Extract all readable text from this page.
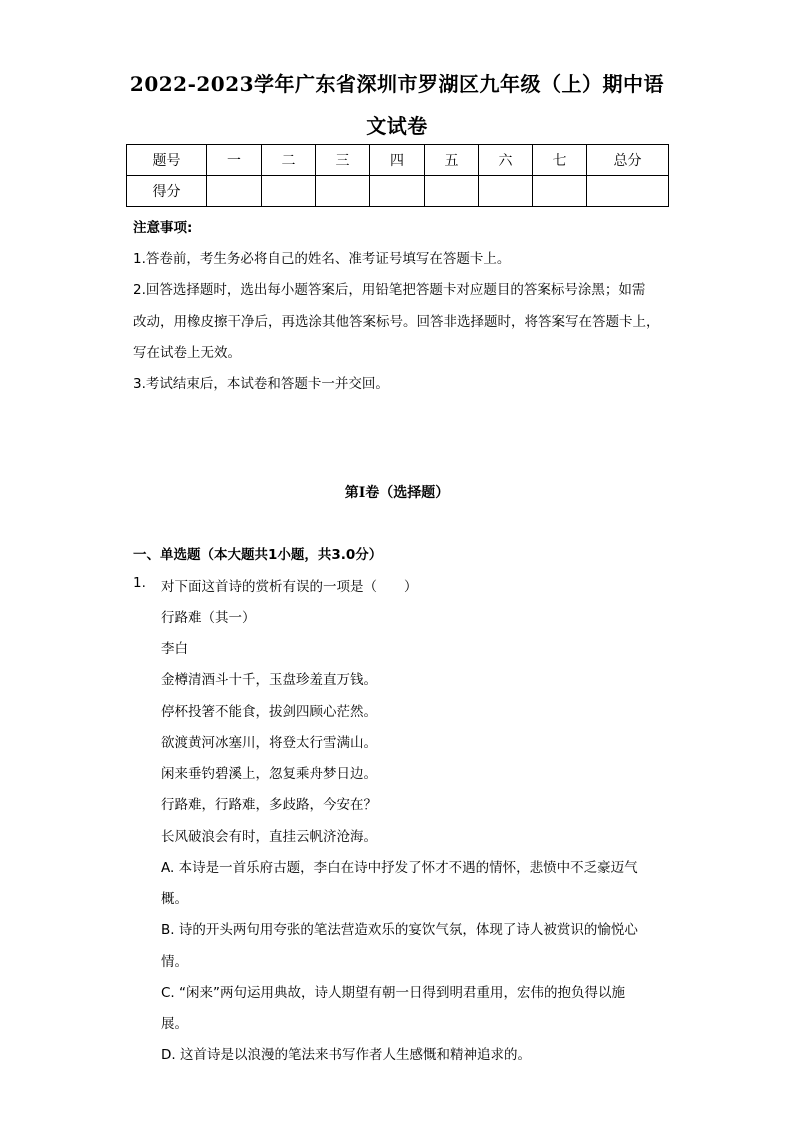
2022-2023学年广东省深圳市罗湖区九年级（上）期中语
文试卷
题号	一	二	三	四	五	六	七	总分
得分								
注意事项:
1.答卷前，考生务必将自己的姓名、准考证号填写在答题卡上。
2.回答选择题时，选出每小题答案后，用铅笔把答题卡对应题目的答案标号涂黑；如需
改动，用橡皮擦干净后，再选涂其他答案标号。回答非选择题时，将答案写在答题卡上，
写在试卷上无效。
3.考试结束后，本试卷和答题卡一并交回。
第I卷（选择题）
一、单选题（本大题共1小题，共3.0分）
1. 对下面这首诗的赏析有误的一项是（　　）
行路难（其一）
李白
金樽清酒斗十千，玉盘珍羞直万钱。
停杯投箸不能食，拔剑四顾心茫然。
欲渡黄河冰塞川，将登太行雪满山。
闲来垂钓碧溪上，忽复乘舟梦日边。
行路难，行路难，多歧路，今安在？
长风破浪会有时，直挂云帆济沧海。
A. 本诗是一首乐府古题，李白在诗中抒发了怀才不遇的情怀，悲愤中不乏豪迈气
概。
B. 诗的开头两句用夸张的笔法营造欢乐的宴饮气氛，体现了诗人被赏识的愉悦心
情。
C. “闲来”两句运用典故，诗人期望有朝一日得到明君重用，宏伟的抱负得以施
展。
D. 这首诗是以浪漫的笔法来书写作者人生感慨和精神追求的。
